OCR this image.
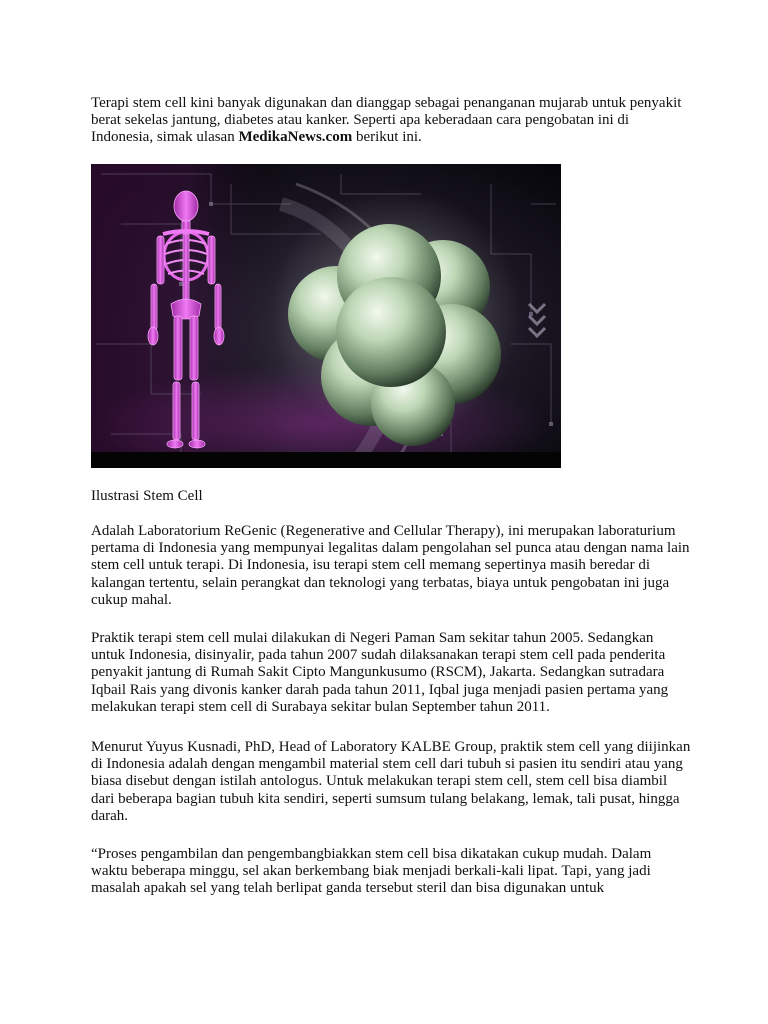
Terapi stem cell kini banyak digunakan dan dianggap sebagai penanganan mujarab untuk penyakit berat sekelas jantung, diabetes atau kanker. Seperti apa keberadaan cara pengobatan ini di Indonesia, simak ulasan MedikaNews.com berikut ini.

Ilustrasi Stem Cell

Adalah Laboratorium ReGenic (Regenerative and Cellular Therapy), ini merupakan laboraturium pertama di Indonesia yang mempunyai legalitas dalam pengolahan sel punca atau dengan nama lain stem cell untuk terapi. Di Indonesia, isu terapi stem cell memang sepertinya masih beredar di kalangan tertentu, selain perangkat dan teknologi yang terbatas, biaya untuk pengobatan ini juga cukup mahal.

Praktik terapi stem cell mulai dilakukan di Negeri Paman Sam sekitar tahun 2005. Sedangkan untuk Indonesia, disinyalir, pada tahun 2007 sudah dilaksanakan terapi stem cell pada penderita penyakit jantung di Rumah Sakit Cipto Mangunkusumo (RSCM), Jakarta. Sedangkan sutradara Iqbail Rais yang divonis kanker darah pada tahun 2011, Iqbal juga menjadi pasien pertama yang melakukan terapi stem cell di Surabaya sekitar bulan September tahun 2011.

Menurut Yuyus Kusnadi, PhD, Head of Laboratory KALBE Group, praktik stem cell yang diijinkan di Indonesia adalah dengan mengambil material stem cell dari tubuh si pasien itu sendiri atau yang biasa disebut dengan istilah antologus. Untuk melakukan terapi stem cell, stem cell bisa diambil dari beberapa bagian tubuh kita sendiri, seperti sumsum tulang belakang, lemak, tali pusat, hingga darah.

“Proses pengambilan dan pengembangbiakkan stem cell bisa dikatakan cukup mudah. Dalam waktu beberapa minggu, sel akan berkembang biak menjadi berkali-kali lipat. Tapi, yang jadi masalah apakah sel yang telah berlipat ganda tersebut steril dan bisa digunakan untuk
